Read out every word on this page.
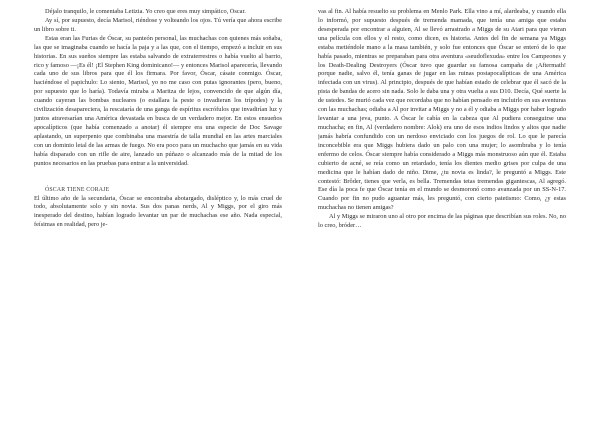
Déjalo tranquilo, le comentaba Letizia. Yo creo que eres muy simpático, Óscar.

Ay sí, por supuesto, decía Marisol, riéndose y volteando los ojos. Tú vería que ahora escribe un libro sobre ti.

Estas eran las Furias de Óscar, su panteón personal, las muchachas con quienes más soñaba, las que se imaginaba cuando se hacía la paja y a las que, con el tiempo, empezó a incluir en sus historias. En sus sueños siempre las estaba salvando de extraterrestres o había vuelto al barrio, rico y famoso —¡Es él! ¡El Stephen King dominicano!— y entonces Marisol aparecería, llevando cada uno de sus libros para que él los firmara. Por favor, Óscar, cásate conmigo. Óscar, haciéndose el papichulo: Lo siento, Marisol, yo no me caso con putas ignorantes (pero, bueno, por supuesto que lo haría). Todavía miraba a Maritza de lejos, convencido de que algún día, cuando cayeran las bombas nucleares (o estallara la peste o invadieran los trípodes) y la civilización desapareciera, la rescataría de una ganga de espíritus escrófulos que invadirían luz y juntos atravesarían una América devastada en busca de un verdadero mejor. En estos ensueños apocalípticos (que había comenzado a anotar) él siempre era una especie de Doc Savage aplastando, un superpenio que combinaba una maestría de talla mundial en las artes marciales con un dominio letal de las armas de fuego. No era poco para un muchacho que jamás en su vida había disparado con un rifle de aire, lanzado un púñazo o alcanzado más de la mitad de los puntos necesarios en las pruebas para entrar a la universidad.

ÓSCAR TIENE CORAJE

El último año de la secundaria, Óscar se encontraba abotargado, disléptico y, lo más cruel de todo, absolutamente solo y sin novia. Sus dos panas nerds, Al y Miggs, por el giro más inesperado del destino, habían logrado levantar un par de muchachas ese año. Nada especial, feísimas en realidad, pero je-

vas al fin. Al había resuelto su problema en Menlo Park. Ella vino a mí, alardeaba, y cuando ella lo informó, por supuesto después de tremenda mamada, que tenía una amiga que estaba desesperada por encontrar a alguien, Al se llevó arrastrado a Miggs de su Atari para que vieran una película con ellos y el resto, como dicen, es historia. Antes del fin de semana ya Miggs estaba metiéndole mano a la masa también, y solo fue entonces que Óscar se enteró de lo que había pasado, mientras se preparaban para otra aventura «seudoflexuda» entre los Campeones y los Death-Dealing Destroyers (Óscar tuvo que guardar su famosa campaña de ¡Aftermath! porque nadie, salvo él, tenía ganas de jugar en las ruinas postapocalípticas de una América infectada con un virus). Al principio, después de que habían estado de celebrar que él sacó de la pista de bandas de acero sin nada. Solo le daba una y otra vuelta a sus D10. Decía, Qué suerte la de ustedes. Se murió cada vez que recordaba que no habían pensado en incluirlo en sus aventuras con las muchachas; odiaba a Al por invitar a Miggs y no a él y odiaba a Miggs por haber logrado levantar a una jeva, punto. A Óscar le cabía en la cabeza que Al pudiera conseguirse una muchacha; en fin, Al (verdadero nombre: Alok) era uno de esos indios lindos y altos que nadie jamás habría confundido con un nerdoso enviciado con los juegos de rol. Lo que le parecía inconcebible era que Miggs hubiera dado un palo con una mujer; lo asombraba y lo tenía enfermo de celos. Óscar siempre había considerado a Miggs más monstruoso aún que él. Estaba cubierto de acné, se reía como un retardado, tenía los dientes medio grises por culpa de una medicina que le habían dado de niño. Dime, ¿tu novia es linda?, le preguntó a Miggs. Este contestó: Brôder, tienes que verla, es bella. Tremendas tetas tremendas gigantescas, Al agregó. Ese día la poca fe que Óscar tenía en el mundo se desmoronó como avanzada por un SS-N-17. Cuando por fin no pudo aguantar más, les preguntó, con cierto patetismo: Como, ¿y estas muchachas no tienen amigas?

Al y Miggs se miraron uno al otro por encima de las páginas que describían sus roles. No, no lo creo, bróder…
